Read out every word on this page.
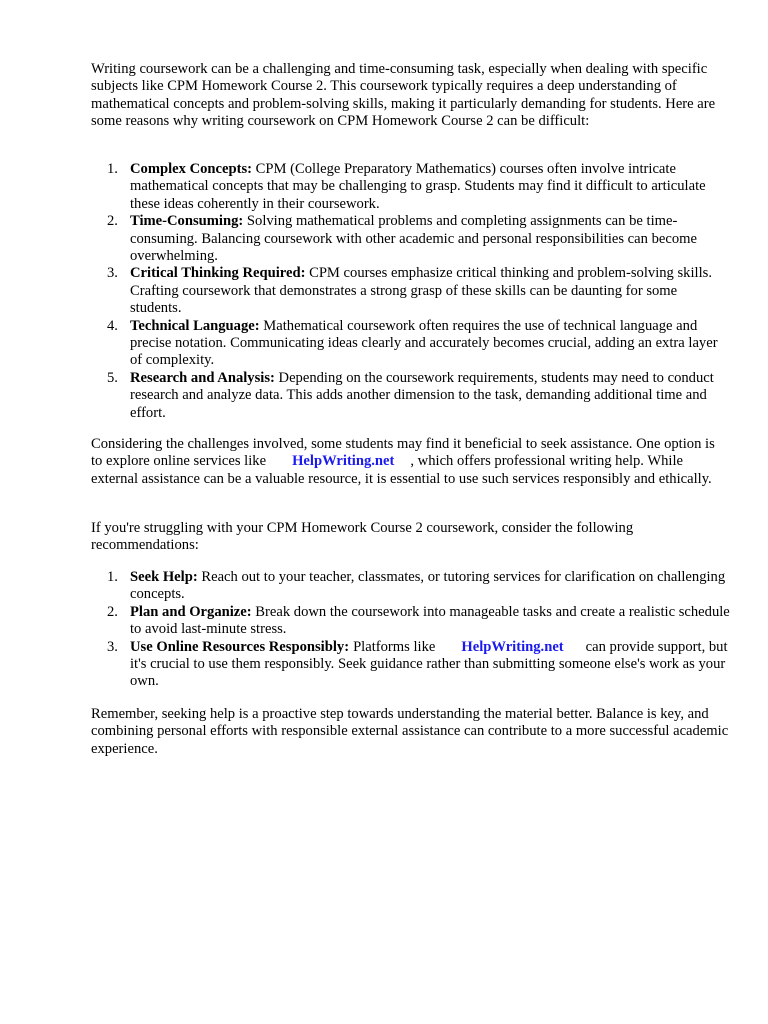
Writing coursework can be a challenging and time-consuming task, especially when dealing with specific subjects like CPM Homework Course 2. This coursework typically requires a deep understanding of mathematical concepts and problem-solving skills, making it particularly demanding for students. Here are some reasons why writing coursework on CPM Homework Course 2 can be difficult:

1. Complex Concepts: CPM (College Preparatory Mathematics) courses often involve intricate mathematical concepts that may be challenging to grasp. Students may find it difficult to articulate these ideas coherently in their coursework.
2. Time-Consuming: Solving mathematical problems and completing assignments can be time-consuming. Balancing coursework with other academic and personal responsibilities can become overwhelming.
3. Critical Thinking Required: CPM courses emphasize critical thinking and problem-solving skills. Crafting coursework that demonstrates a strong grasp of these skills can be daunting for some students.
4. Technical Language: Mathematical coursework often requires the use of technical language and precise notation. Communicating ideas clearly and accurately becomes crucial, adding an extra layer of complexity.
5. Research and Analysis: Depending on the coursework requirements, students may need to conduct research and analyze data. This adds another dimension to the task, demanding additional time and effort.

Considering the challenges involved, some students may find it beneficial to seek assistance. One option is to explore online services like HelpWriting.net , which offers professional writing help. While external assistance can be a valuable resource, it is essential to use such services responsibly and ethically.

If you're struggling with your CPM Homework Course 2 coursework, consider the following recommendations:

1. Seek Help: Reach out to your teacher, classmates, or tutoring services for clarification on challenging concepts.
2. Plan and Organize: Break down the coursework into manageable tasks and create a realistic schedule to avoid last-minute stress.
3. Use Online Resources Responsibly: Platforms like HelpWriting.net can provide support, but it's crucial to use them responsibly. Seek guidance rather than submitting someone else's work as your own.

Remember, seeking help is a proactive step towards understanding the material better. Balance is key, and combining personal efforts with responsible external assistance can contribute to a more successful academic experience.
